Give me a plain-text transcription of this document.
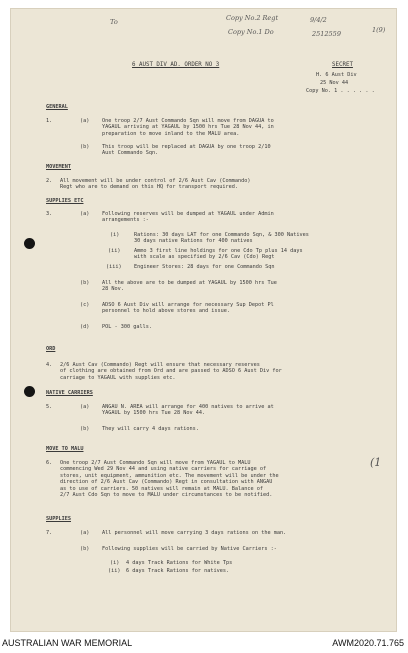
To	Copy No.2 Regt
Copy No.1 Do
9/4/2
2512559	1(9)
(1
6 AUST DIV AD. ORDER NO 3	SECRET
H. 6 Aust Div
25 Nov 44
Copy No. 1 . . . . . .
GENERAL
1.	(a) One troop 2/7 Aust Commando Sqn will move from DAGUA to
YAGAUL arriving at YAGAUL by 1500 hrs Tue 28 Nov 44, in
preparation to move inland to the MALU area.
(b) This troop will be replaced at DAGUA by one troop 2/10
Aust Commando Sqn.
MOVEMENT
2.	All movement will be under control of 2/6 Aust Cav (Commando)
Regt who are to demand on this HQ for transport required.
SUPPLIES ETC
3.	(a) Following reserves will be dumped at YAGAUL under Admin
arrangements :-
(i)	Rations: 30 days LAT for one Commando Sqn, & 300 Natives
30 days native Rations for 400 natives
(ii)	Ammo 3 first line holdings for one Cdo Tp plus 14 days
with scale as specified by 2/6 Cav (Cdo) Regt
(iii) Engineer Stores: 28 days for one Commando Sqn
(b) All the above are to be dumped at YAGAUL by 1500 hrs Tue
28 Nov.
(c) ADSO 6 Aust Div will arrange for necessary Sup Depot Pl
personnel to hold above stores and issue.
(d) POL - 300 galls.
ORD
4.	2/6 Aust Cav (Commando) Regt will ensure that necessary reserves
of clothing are obtained from Ord and are passed to ADSO 6 Aust Div for
carriage to YAGAUL with supplies etc.
NATIVE CARRIERS
5.	(a) ANGAU N. AREA will arrange for 400 natives to arrive at
YAGAUL by 1500 hrs Tue 28 Nov 44.
(b) They will carry 4 days rations.
MOVE TO MALU
6.	One troop 2/7 Aust Commando Sqn will move from YAGAUL to MALU
commencing Wed 29 Nov 44 and using native carriers for carriage of
stores, unit equipment, ammunition etc. The movement will be under the
direction of 2/6 Aust Cav (Commando) Regt in consultation with ANGAU
as to use of carriers. 50 natives will remain at MALU. Balance of
2/7 Aust Cdo Sqn to move to MALU under circumstances to be notified.
SUPPLIES
7.	(a) All personnel will move carrying 3 days rations on the man.
(b) Following supplies will be carried by Native Carriers :-
(i) 4 days Track Rations for White Tps
(ii) 6 days Track Rations for natives.
AUSTRALIAN WAR MEMORIAL	AWM2020.71.765
